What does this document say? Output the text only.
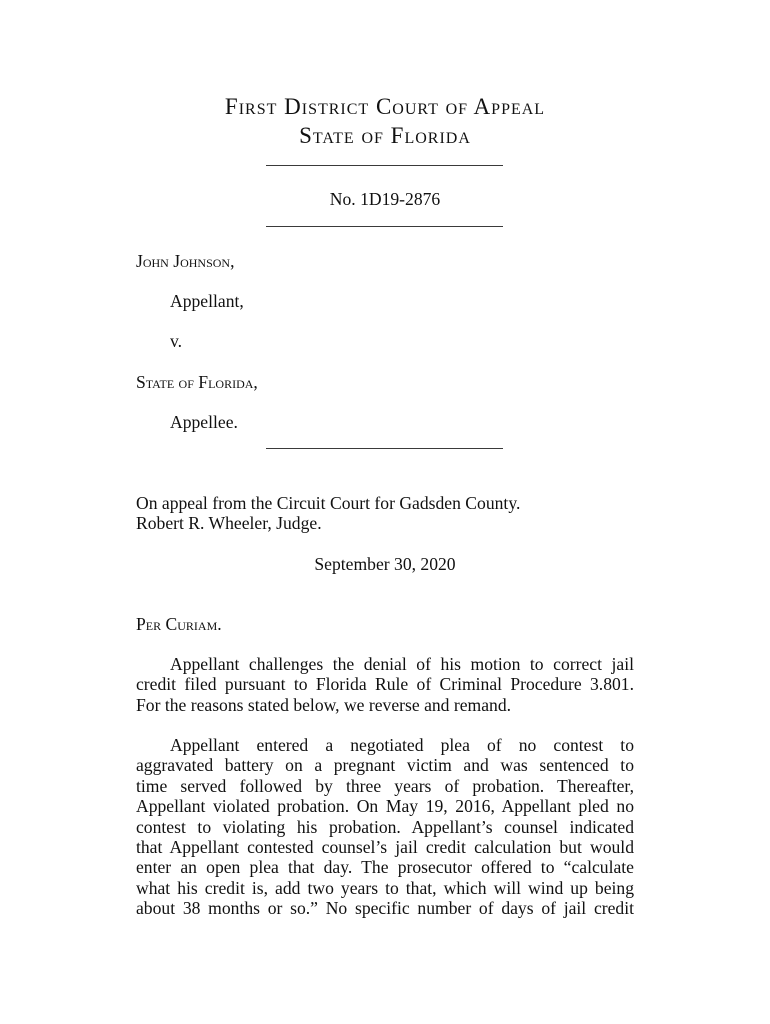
First District Court of Appeal
State of Florida
No. 1D19-2876
John Johnson,
Appellant,
v.
State of Florida,
Appellee.
On appeal from the Circuit Court for Gadsden County.
Robert R. Wheeler, Judge.
September 30, 2020
Per Curiam.
Appellant challenges the denial of his motion to correct jail
credit filed pursuant to Florida Rule of Criminal Procedure 3.801.
For the reasons stated below, we reverse and remand.
Appellant entered a negotiated plea of no contest to
aggravated battery on a pregnant victim and was sentenced to
time served followed by three years of probation. Thereafter,
Appellant violated probation. On May 19, 2016, Appellant pled no
contest to violating his probation. Appellant’s counsel indicated
that Appellant contested counsel’s jail credit calculation but would
enter an open plea that day. The prosecutor offered to “calculate
what his credit is, add two years to that, which will wind up being
about 38 months or so.” No specific number of days of jail credit
